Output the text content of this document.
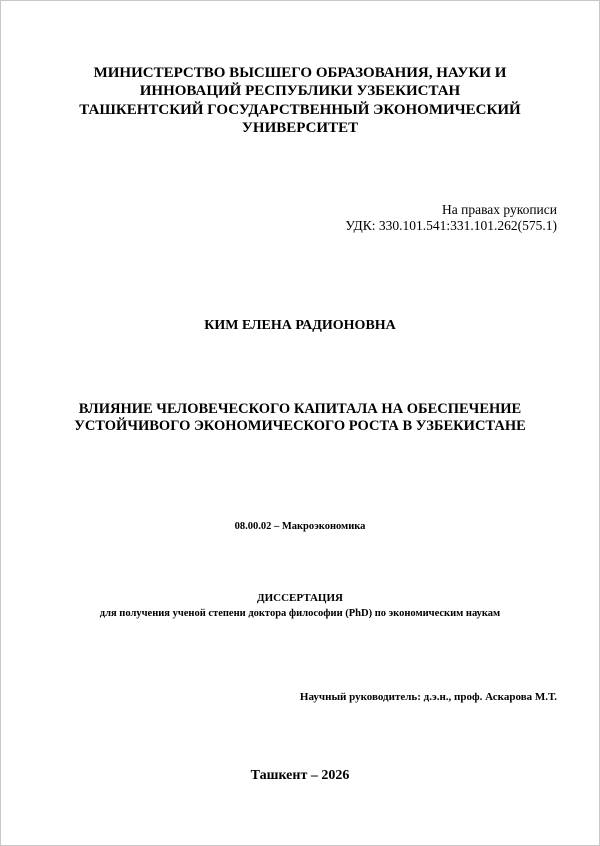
МИНИСТЕРСТВО ВЫСШЕГО ОБРАЗОВАНИЯ, НАУКИ И
ИННОВАЦИЙ РЕСПУБЛИКИ УЗБЕКИСТАН
ТАШКЕНТСКИЙ ГОСУДАРСТВЕННЫЙ ЭКОНОМИЧЕСКИЙ
УНИВЕРСИТЕТ
На правах рукописи
УДК: 330.101.541:331.101.262(575.1)
КИМ ЕЛЕНА РАДИОНОВНА
ВЛИЯНИЕ ЧЕЛОВЕЧЕСКОГО КАПИТАЛА НА ОБЕСПЕЧЕНИЕ
УСТОЙЧИВОГО ЭКОНОМИЧЕСКОГО РОСТА В УЗБЕКИСТАНЕ
08.00.02 – Макроэкономика
ДИССЕРТАЦИЯ
для получения ученой степени доктора философии (PhD) по экономическим наукам
Научный руководитель: д.э.н., проф. Аскарова М.Т.
Ташкент – 2026
